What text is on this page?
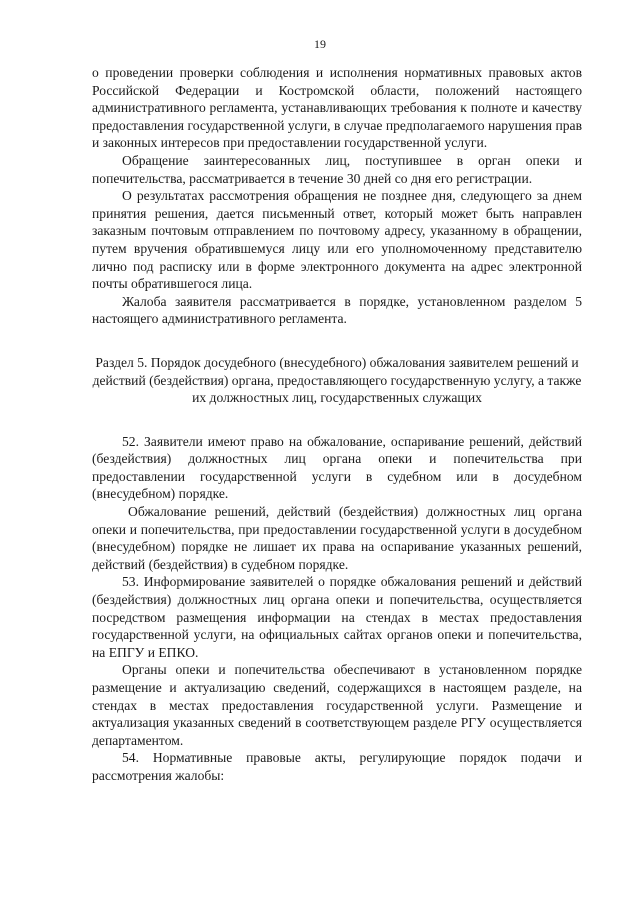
19

о проведении проверки соблюдения и исполнения нормативных правовых актов Российской Федерации и Костромской области, положений настоящего административного регламента, устанавливающих требования к полноте и качеству предоставления государственной услуги, в случае предполагаемого нарушения прав и законных интересов при предоставлении государственной услуги.

Обращение заинтересованных лиц, поступившее в орган опеки и попечительства, рассматривается в течение 30 дней со дня его регистрации.

О результатах рассмотрения обращения не позднее дня, следующего за днем принятия решения, дается письменный ответ, который может быть направлен заказным почтовым отправлением по почтовому адресу, указанному в обращении, путем вручения обратившемуся лицу или его уполномоченному представителю лично под расписку или в форме электронного документа на адрес электронной почты обратившегося лица.

Жалоба заявителя рассматривается в порядке, установленном разделом 5 настоящего административного регламента.

Раздел 5. Порядок досудебного (внесудебного) обжалования заявителем решений и действий (бездействия) органа, предоставляющего государственную услугу, а также их должностных лиц, государственных служащих

52. Заявители имеют право на обжалование, оспаривание решений, действий (бездействия) должностных лиц органа опеки и попечительства при предоставлении государственной услуги в судебном или в досудебном (внесудебном) порядке.

Обжалование решений, действий (бездействия) должностных лиц органа опеки и попечительства, при предоставлении государственной услуги в досудебном (внесудебном) порядке не лишает их права на оспаривание указанных решений, действий (бездействия) в судебном порядке.

53. Информирование заявителей о порядке обжалования решений и действий (бездействия) должностных лиц органа опеки и попечительства, осуществляется посредством размещения информации на стендах в местах предоставления государственной услуги, на официальных сайтах органов опеки и попечительства, на ЕПГУ и ЕПКО.

Органы опеки и попечительства обеспечивают в установленном порядке размещение и актуализацию сведений, содержащихся в настоящем разделе, на стендах в местах предоставления государственной услуги. Размещение и актуализация указанных сведений в соответствующем разделе РГУ осуществляется департаментом.

54. Нормативные правовые акты, регулирующие порядок подачи и рассмотрения жалобы:
